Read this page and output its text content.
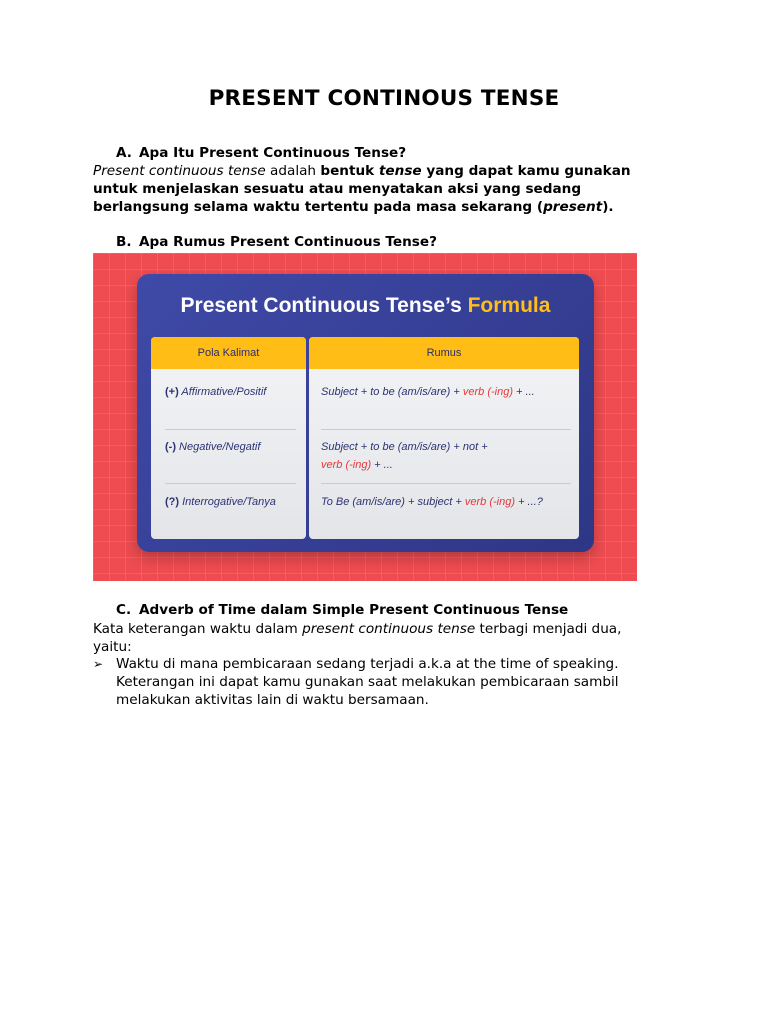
PRESENT CONTINOUS TENSE
A. Apa Itu Present Continuous Tense?
Present continuous tense adalah bentuk tense yang dapat kamu gunakan untuk menjelaskan sesuatu atau menyatakan aksi yang sedang berlangsung selama waktu tertentu pada masa sekarang (present).
B. Apa Rumus Present Continuous Tense?
Present Continuous Tense’s Formula
Pola Kalimat
(+) Affirmative/Positif
(-) Negative/Negatif
(?) Interrogative/Tanya
Rumus
Subject + to be (am/is/are) + verb (-ing) + ...
Subject + to be (am/is/are) + not +
verb (-ing) + ...
To Be (am/is/are) + subject + verb (-ing) + ...?
C. Adverb of Time dalam Simple Present Continuous Tense
Kata keterangan waktu dalam present continuous tense terbagi menjadi dua, yaitu:
➢ Waktu di mana pembicaraan sedang terjadi a.k.a at the time of speaking. Keterangan ini dapat kamu gunakan saat melakukan pembicaraan sambil melakukan aktivitas lain di waktu bersamaan.
